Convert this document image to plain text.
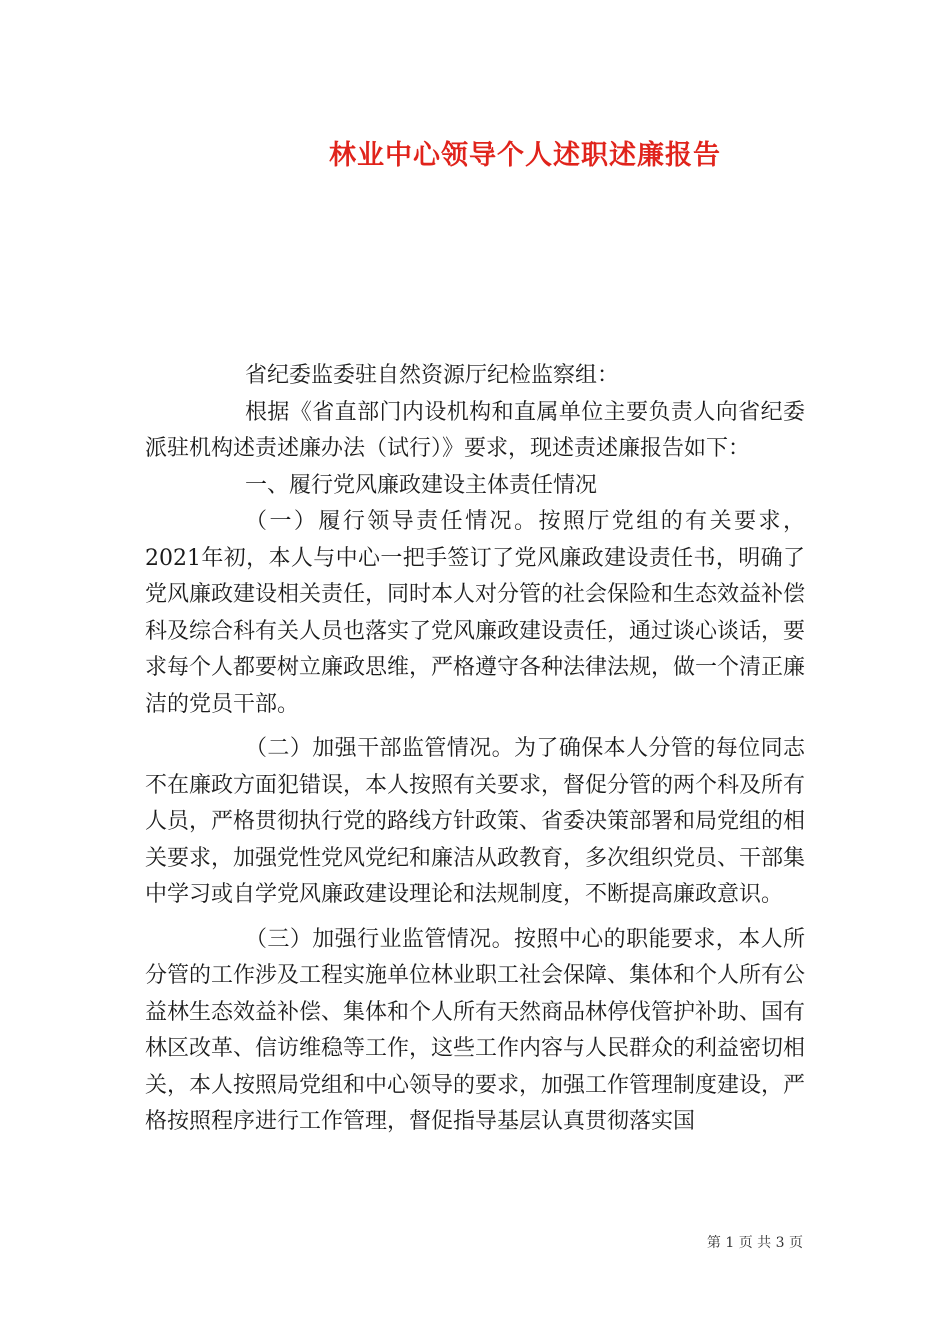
林业中心领导个人述职述廉报告

省纪委监委驻自然资源厅纪检监察组：

根据《省直部门内设机构和直属单位主要负责人向省纪委派驻机构述责述廉办法（试行）》要求，现述责述廉报告如下：

一、履行党风廉政建设主体责任情况

（一）履行领导责任情况。按照厅党组的有关要求，2021年初，本人与中心一把手签订了党风廉政建设责任书，明确了党风廉政建设相关责任，同时本人对分管的社会保险和生态效益补偿科及综合科有关人员也落实了党风廉政建设责任，通过谈心谈话，要求每个人都要树立廉政思维，严格遵守各种法律法规，做一个清正廉洁的党员干部。

（二）加强干部监管情况。为了确保本人分管的每位同志不在廉政方面犯错误，本人按照有关要求，督促分管的两个科及所有人员，严格贯彻执行党的路线方针政策、省委决策部署和局党组的相关要求，加强党性党风党纪和廉洁从政教育，多次组织党员、干部集中学习或自学党风廉政建设理论和法规制度，不断提高廉政意识。

（三）加强行业监管情况。按照中心的职能要求，本人所分管的工作涉及工程实施单位林业职工社会保障、集体和个人所有公益林生态效益补偿、集体和个人所有天然商品林停伐管护补助、国有林区改革、信访维稳等工作，这些工作内容与人民群众的利益密切相关，本人按照局党组和中心领导的要求，加强工作管理制度建设，严格按照程序进行工作管理，督促指导基层认真贯彻落实国

第 1 页 共 3 页
